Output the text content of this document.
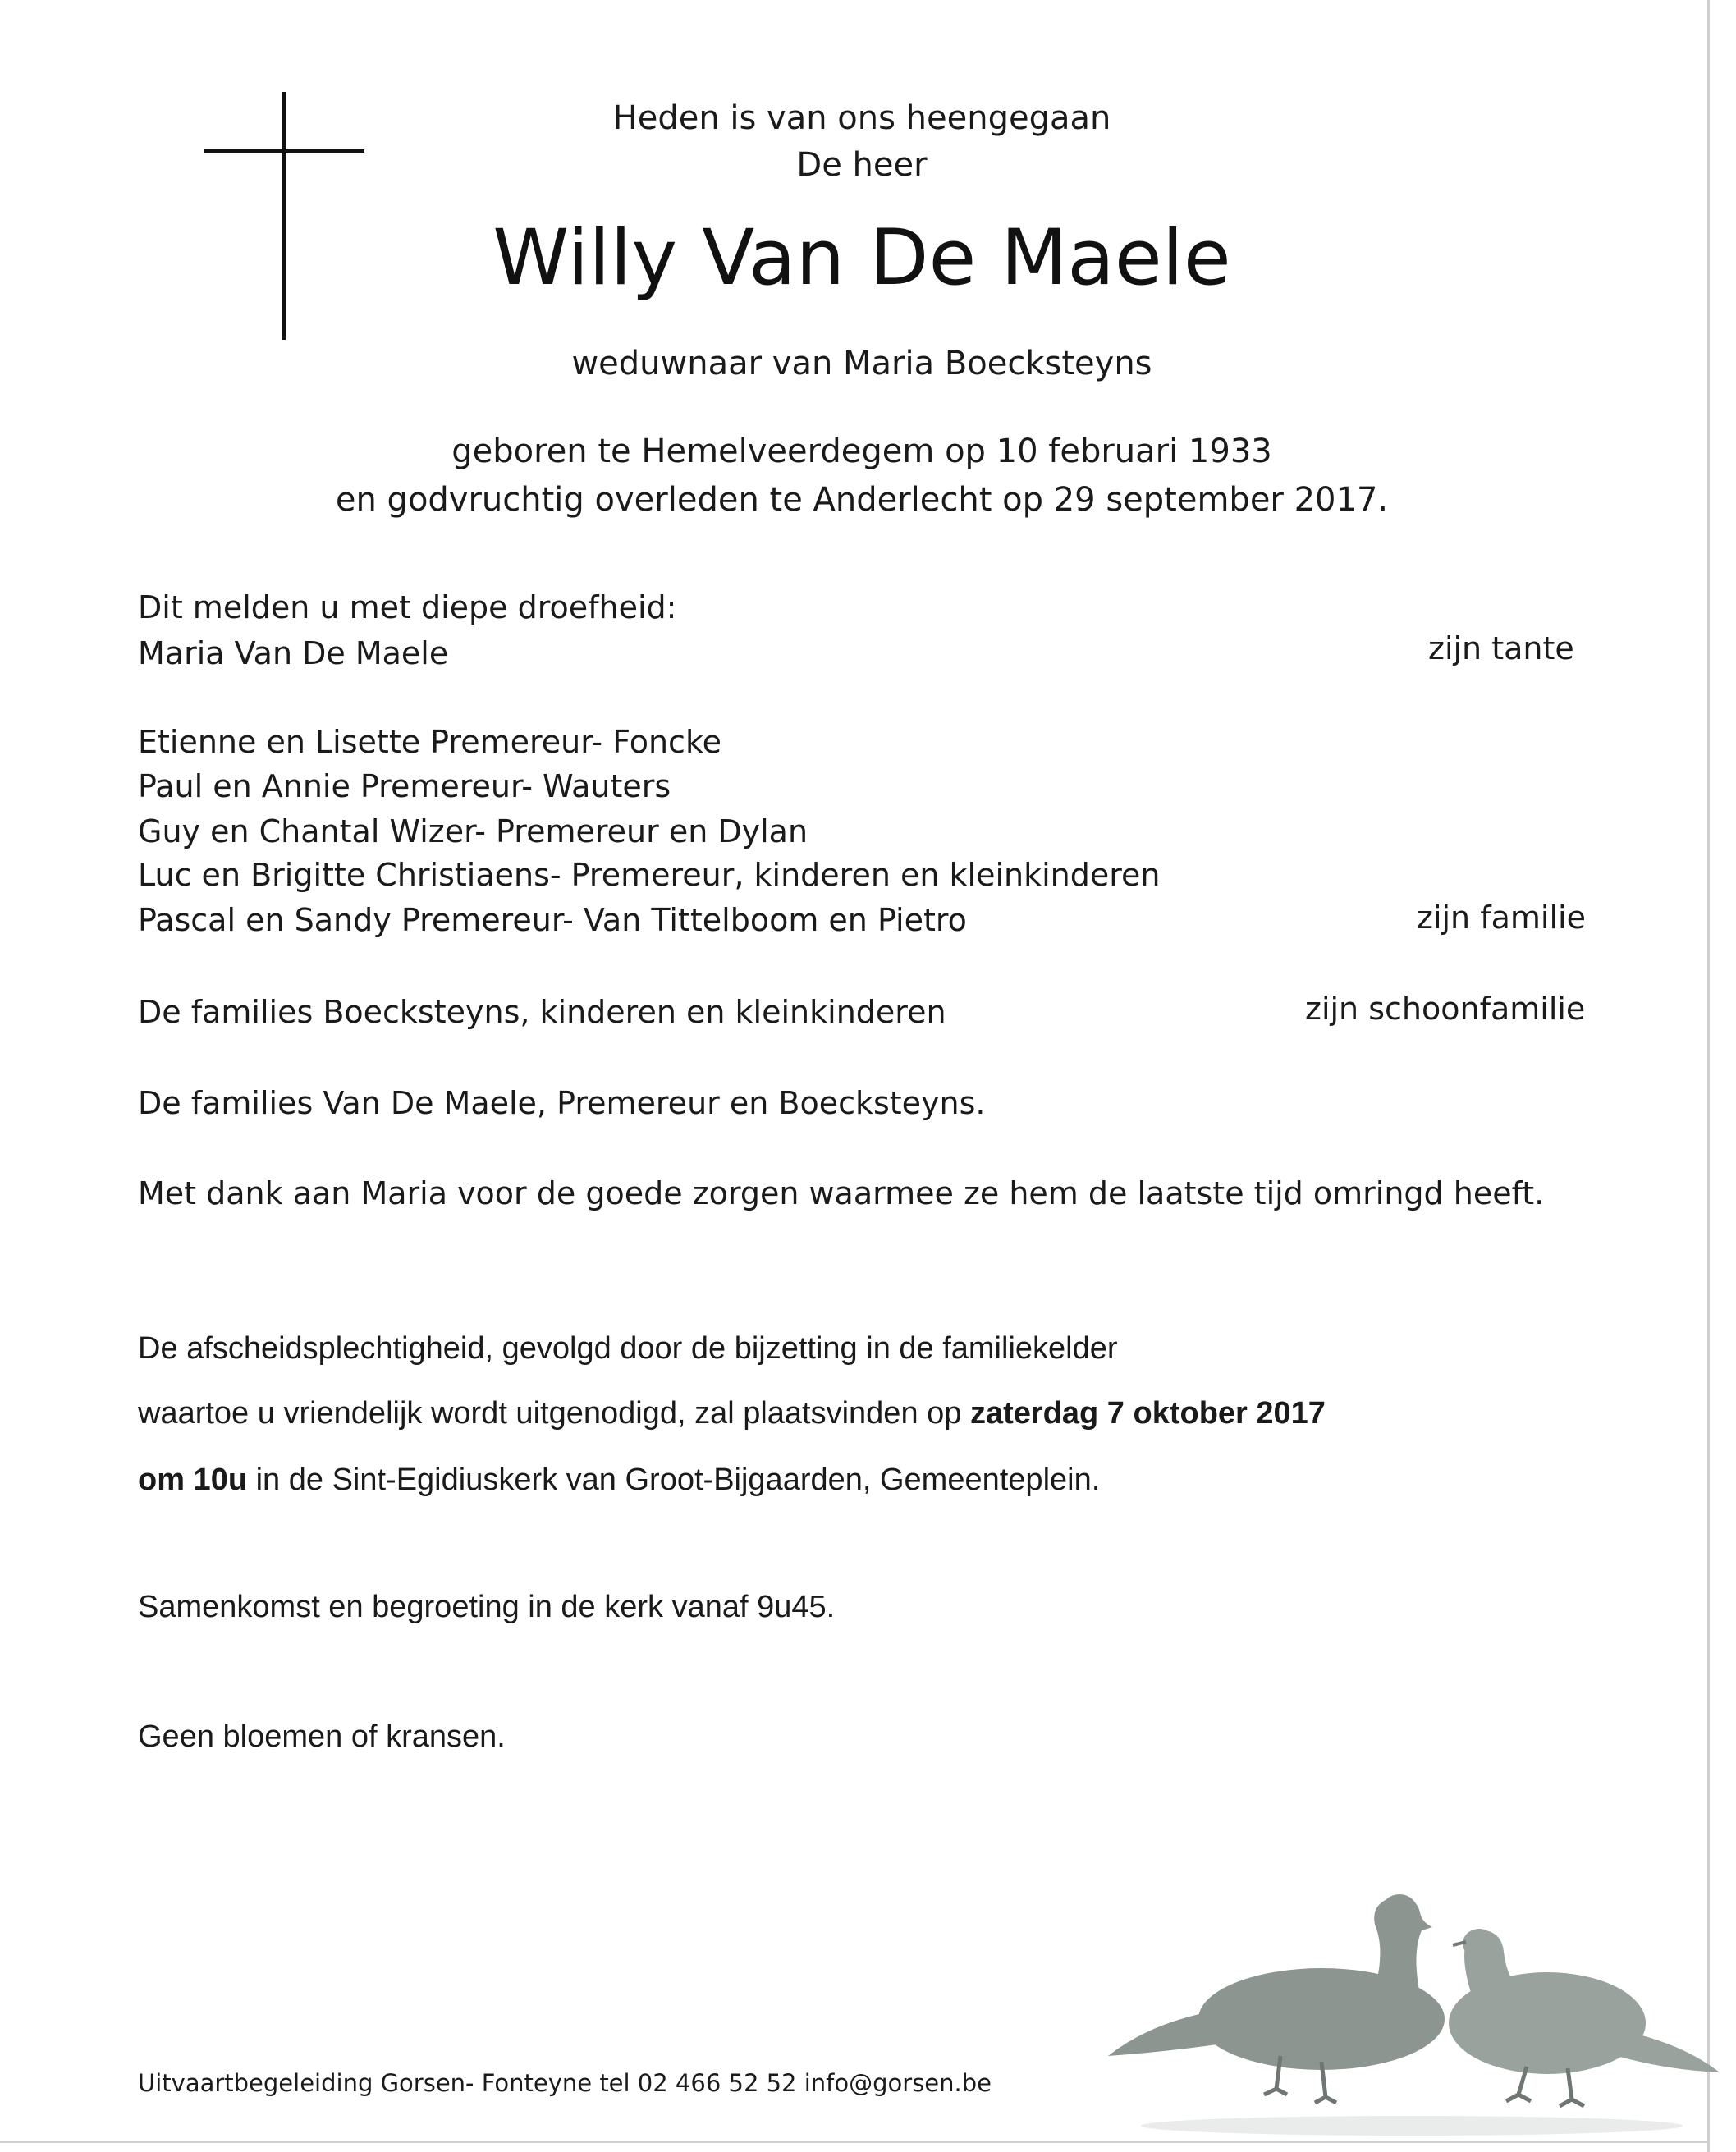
Heden is van ons heengegaan
De heer
Willy Van De Maele
weduwnaar van Maria Boecksteyns
geboren te Hemelveerdegem op 10 februari 1933
en godvruchtig overleden te Anderlecht op 29 september 2017.
Dit melden u met diepe droefheid:
Maria Van De Maele	zijn tante
Etienne en Lisette Premereur- Foncke
Paul en Annie Premereur- Wauters
Guy en Chantal Wizer- Premereur en Dylan
Luc en Brigitte Christiaens- Premereur, kinderen en kleinkinderen
Pascal en Sandy Premereur- Van Tittelboom en Pietro	zijn familie
De families Boecksteyns, kinderen en kleinkinderen	zijn schoonfamilie
De families Van De Maele, Premereur en Boecksteyns.
Met dank aan Maria voor de goede zorgen waarmee ze hem de laatste tijd omringd heeft.
De afscheidsplechtigheid, gevolgd door de bijzetting in de familiekelder
waartoe u vriendelijk wordt uitgenodigd, zal plaatsvinden op zaterdag 7 oktober 2017
om 10u in de Sint-Egidiuskerk van Groot-Bijgaarden, Gemeenteplein.
Samenkomst en begroeting in de kerk vanaf 9u45.
Geen bloemen of kransen.
Uitvaartbegeleiding Gorsen- Fonteyne tel 02 466 52 52 info@gorsen.be
